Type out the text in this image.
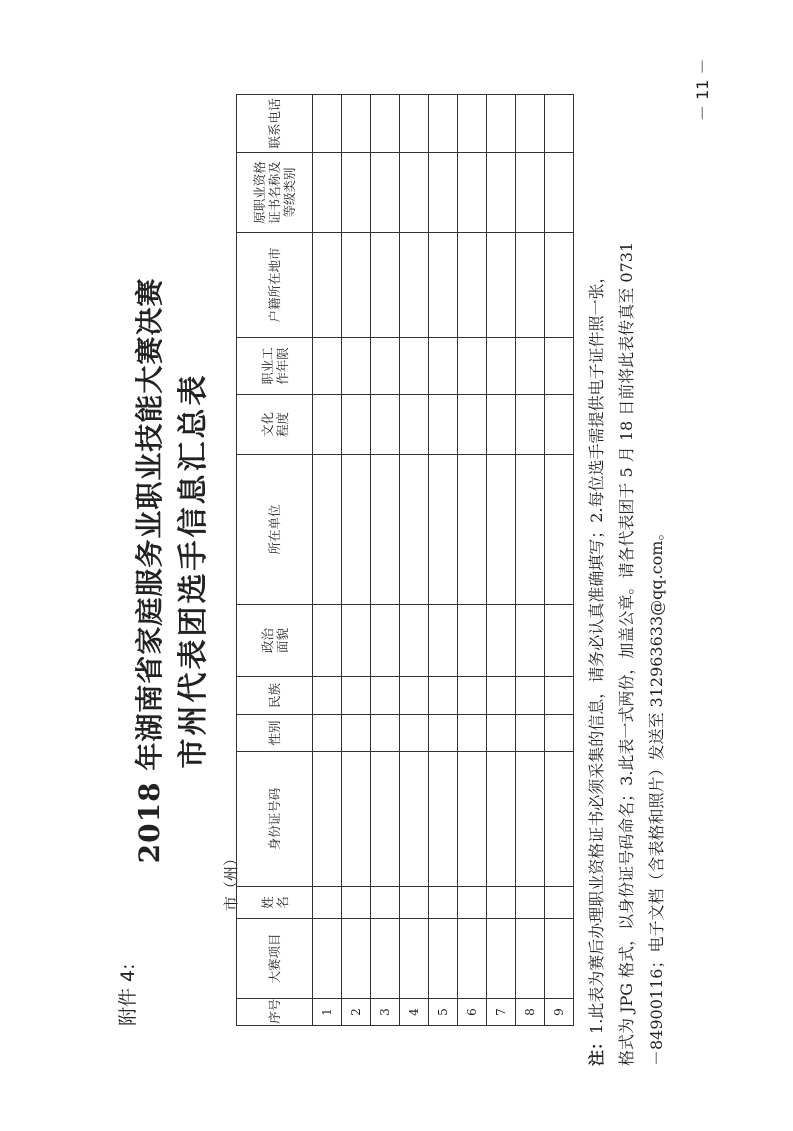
附件 4:
2018 年湖南省家庭服务业职业技能大赛决赛 市州代表团选手信息汇总表
市（州）
序号	大赛项目	姓 名	身份证号码	性别	民族	政治面貌	所在单位	文化程度	职业工作年限	户籍所在地市	原职业资格证书名称及等级类别	联系电话
1												
2												
3												
4												
5												
6												
7												
8												
9												
注：1.此表为赛后办理职业资格证书必须采集的信息，请务必认真准确填写；2.每位选手需提供电子证件照一张， 格式为 JPG 格式，以身份证号码命名；3.此表一式两份，加盖公章。请各代表团于 5 月 18 日前将此表传真至 0731 －84900116；电子文档（含表格和照片）发送至 312963633@qq.com。
－ 11 －
